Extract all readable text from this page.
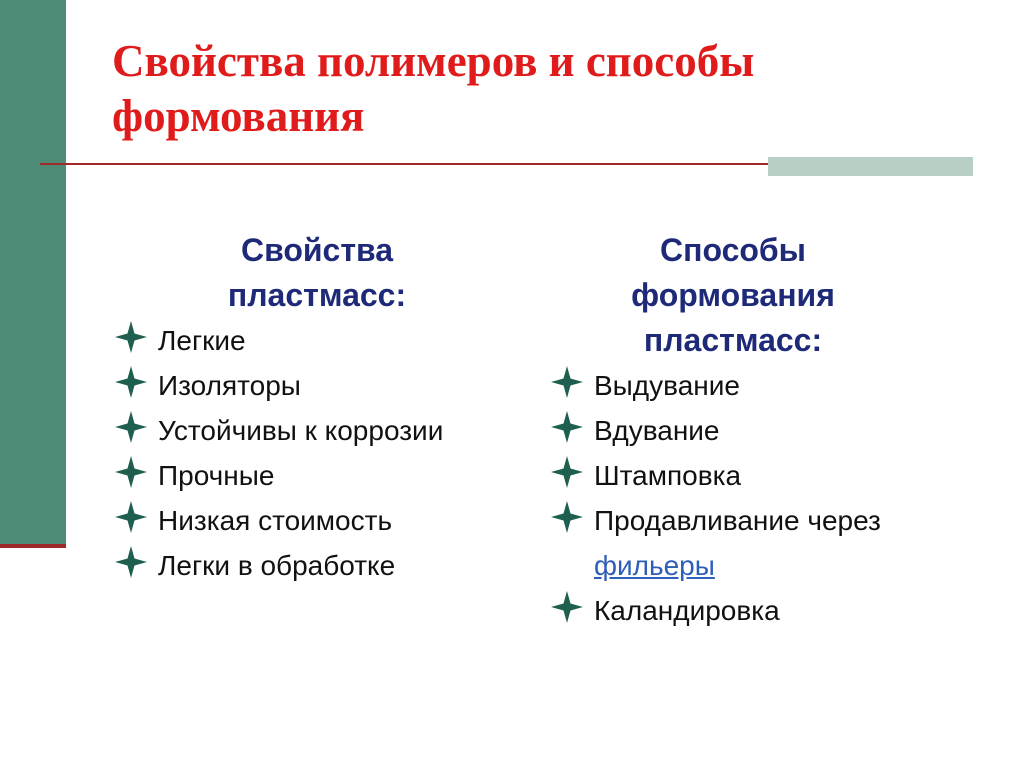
Свойства полимеров и способы формования
Свойства
пластмасс:
Легкие
Изоляторы
Устойчивы к коррозии
Прочные
Низкая стоимость
Легки в обработке
Способы
формования
пластмасс:
Выдувание
Вдувание
Штамповка
Продавливание через
фильеры
Каландировка
